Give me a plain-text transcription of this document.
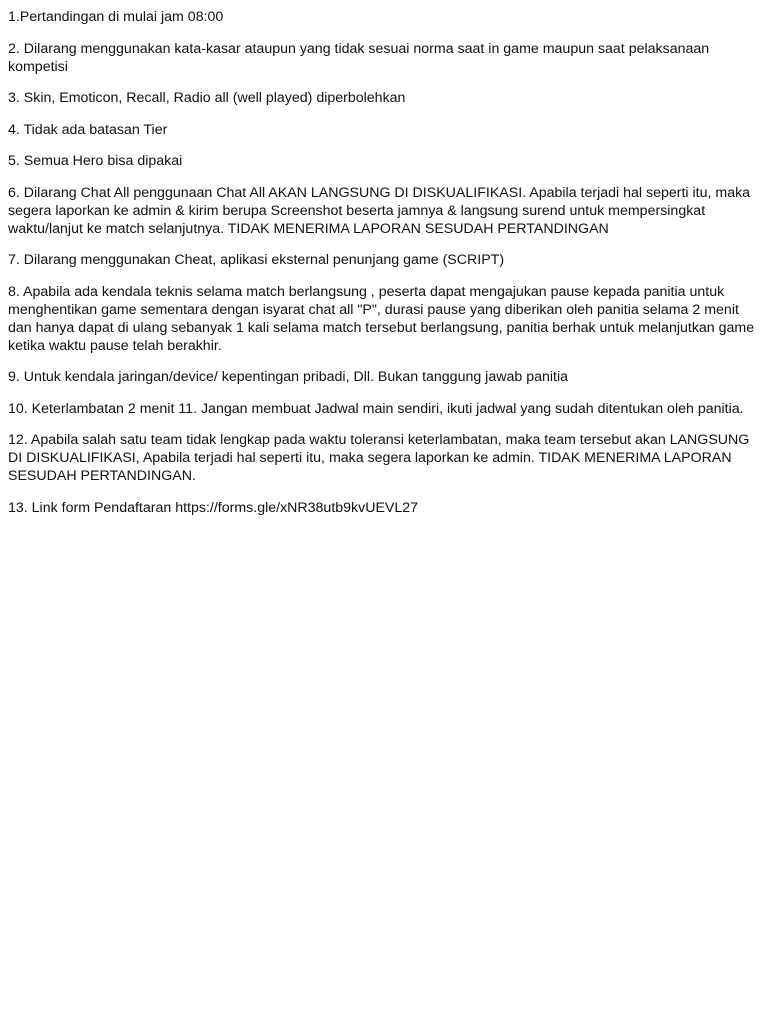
1.Pertandingan di mulai jam 08:00

2. Dilarang menggunakan kata-kasar ataupun yang tidak sesuai norma saat in game maupun saat pelaksanaan kompetisi

3. Skin, Emoticon, Recall, Radio all (well played) diperbolehkan

4. Tidak ada batasan Tier

5. Semua Hero bisa dipakai

6. Dilarang Chat All penggunaan Chat All AKAN LANGSUNG DI DISKUALIFIKASI. Apabila terjadi hal seperti itu, maka segera laporkan ke admin & kirim berupa Screenshot beserta jamnya & langsung surend untuk mempersingkat waktu/lanjut ke match selanjutnya. TIDAK MENERIMA LAPORAN SESUDAH PERTANDINGAN

7. Dilarang menggunakan Cheat, aplikasi eksternal penunjang game (SCRIPT)

8. Apabila ada kendala teknis selama match berlangsung , peserta dapat mengajukan pause kepada panitia untuk menghentikan game sementara dengan isyarat chat all "P", durasi pause yang diberikan oleh panitia selama 2 menit dan hanya dapat di ulang sebanyak 1 kali selama match tersebut berlangsung, panitia berhak untuk melanjutkan game ketika waktu pause telah berakhir.

9. Untuk kendala jaringan/device/ kepentingan pribadi, Dll. Bukan tanggung jawab panitia

10. Keterlambatan 2 menit 11. Jangan membuat Jadwal main sendiri, ikuti jadwal yang sudah ditentukan oleh panitia.

12. Apabila salah satu team tidak lengkap pada waktu toleransi keterlambatan, maka team tersebut akan LANGSUNG DI DISKUALIFIKASI, Apabila terjadi hal seperti itu, maka segera laporkan ke admin. TIDAK MENERIMA LAPORAN SESUDAH PERTANDINGAN.

13. Link form Pendaftaran https://forms.gle/xNR38utb9kvUEVL27
